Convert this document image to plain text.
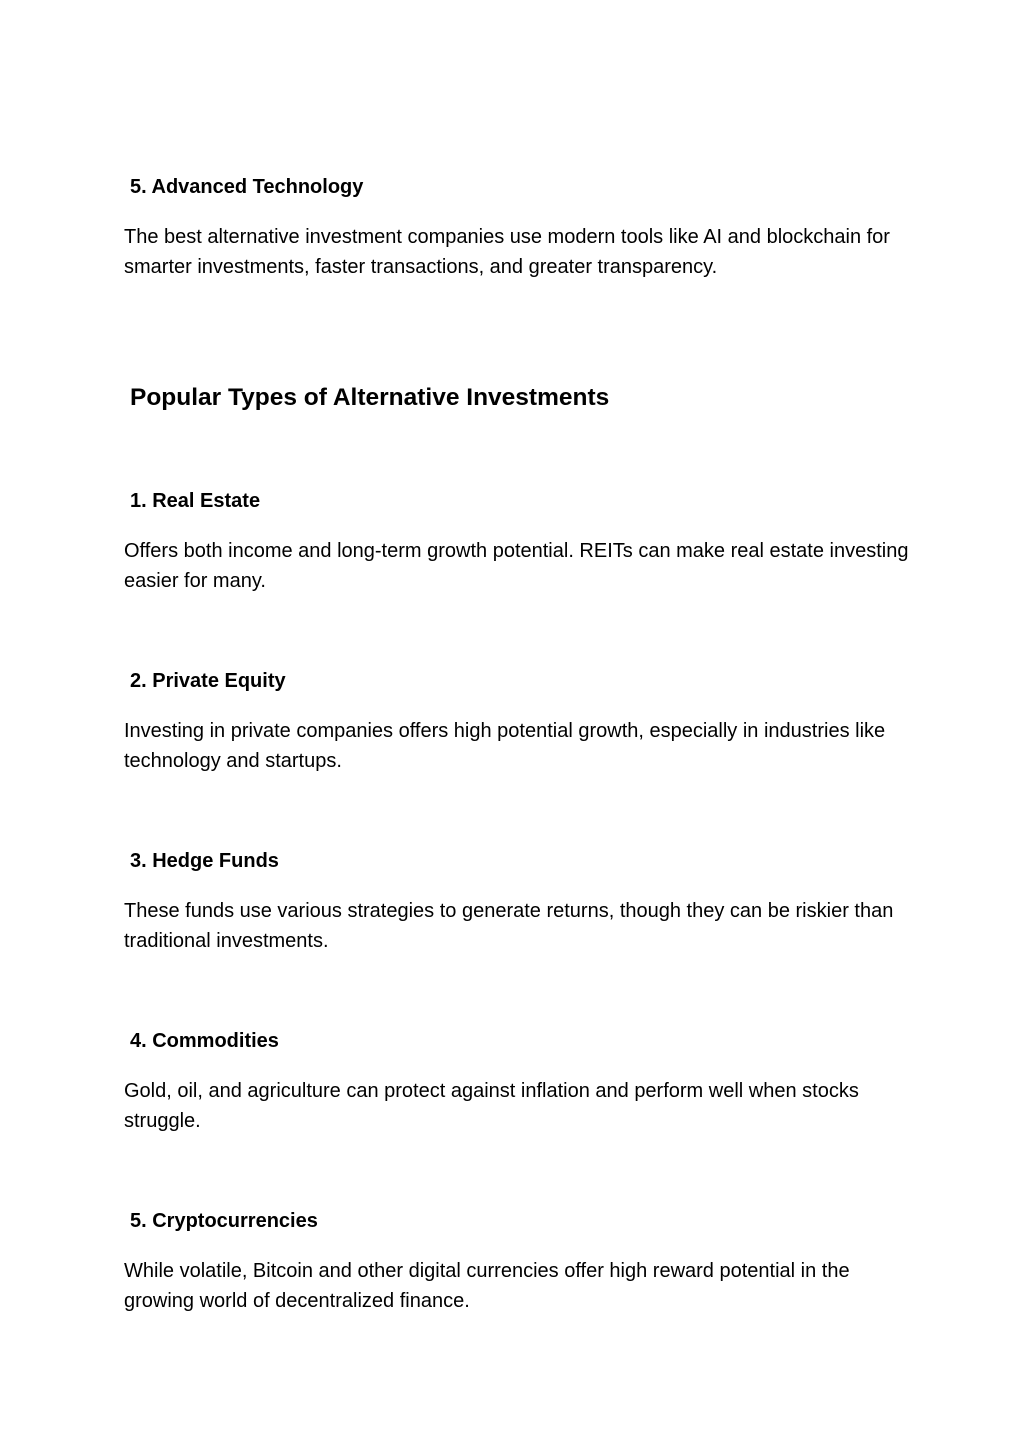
5. Advanced Technology

The best alternative investment companies use modern tools like AI and blockchain for smarter investments, faster transactions, and greater transparency.

Popular Types of Alternative Investments
1. Real Estate

Offers both income and long-term growth potential. REITs can make real estate investing easier for many.

2. Private Equity

Investing in private companies offers high potential growth, especially in industries like technology and startups.

3. Hedge Funds

These funds use various strategies to generate returns, though they can be riskier than traditional investments.

4. Commodities

Gold, oil, and agriculture can protect against inflation and perform well when stocks struggle.

5. Cryptocurrencies

While volatile, Bitcoin and other digital currencies offer high reward potential in the growing world of decentralized finance.
